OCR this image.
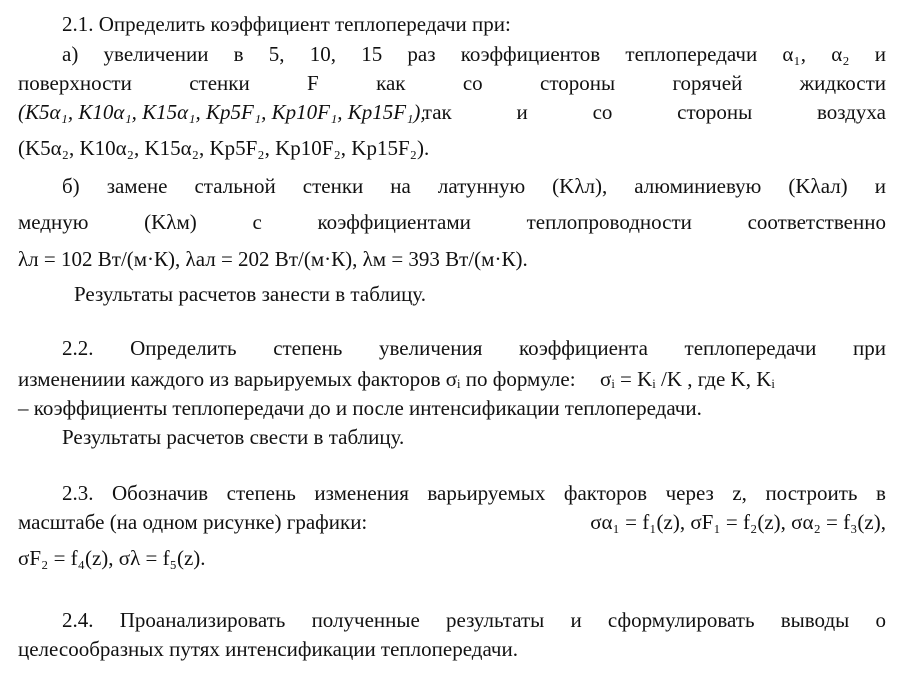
2.1. Определить коэффициент теплопередачи при:
а) увеличении в 5, 10, 15 раз коэффициентов теплопередачи α₁, α₂ и
поверхности	стенки	F	как	со	стороны	горячей	жидкости
(K5α₁, K10α₁, K15α₁, Kp5F₁, Kp10F₁, Kp15F₁),
так	и	со	стороны	воздуха
(K5α₂, K10α₂, K15α₂, Kp5F₂, Kp10F₂, Kp15F₂).
б) замене стальной стенки на латунную (Kλл), алюминиевую (Kλал) и
медную	(Kλм)	с	коэффициентами	теплопроводности	соответственно
λл = 102 Вт/(м·К), λал = 202 Вт/(м·К), λм = 393 Вт/(м·К).
Результаты расчетов занести в таблицу.
2.2. Определить степень увеличения коэффициента теплопередачи при
изменениии каждого из варьируемых факторов σᵢ по формуле: σᵢ = Kᵢ /K , где K, Kᵢ
– коэффициенты теплопередачи до и после интенсификации теплопередачи.
Результаты расчетов свести в таблицу.
2.3. Обозначив степень изменения варьируемых факторов через z, построить в
масштабе (на одном рисунке) графики:	σα₁ = f₁(z), σF₁ = f₂(z), σα₂ = f₃(z),
σF₂ = f₄(z), σλ = f₅(z).
2.4. Проанализировать полученные результаты и сформулировать выводы о
целесообразных путях интенсификации теплопередачи.
